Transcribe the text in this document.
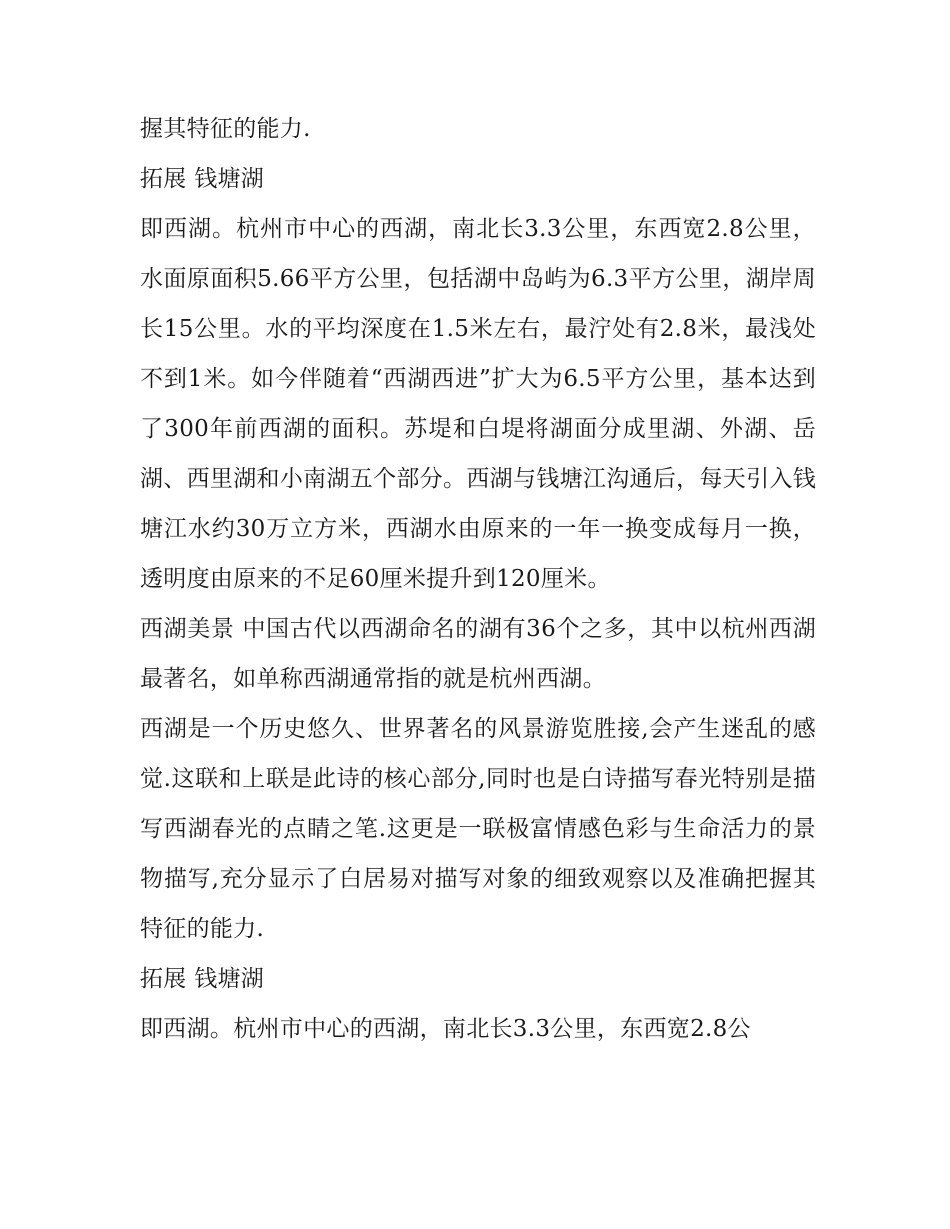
握其特征的能力.

拓展 钱塘湖

即西湖。杭州市中心的西湖，南北长3.3公里，东西宽2.8公里，水面原面积5.66平方公里，包括湖中岛屿为6.3平方公里，湖岸周长15公里。水的平均深度在1.5米左右，最泞处有2.8米，最浅处不到1米。如今伴随着“西湖西进”扩大为6.5平方公里，基本达到了300年前西湖的面积。苏堤和白堤将湖面分成里湖、外湖、岳湖、西里湖和小南湖五个部分。西湖与钱塘江沟通后，每天引入钱塘江水约30万立方米，西湖水由原来的一年一换变成每月一换，透明度由原来的不足60厘米提升到120厘米。

西湖美景 中国古代以西湖命名的湖有36个之多，其中以杭州西湖最著名，如单称西湖通常指的就是杭州西湖。

西湖是一个历史悠久、世界著名的风景游览胜接,会产生迷乱的感觉.这联和上联是此诗的核心部分,同时也是白诗描写春光特别是描写西湖春光的点睛之笔.这更是一联极富情感色彩与生命活力的景物描写,充分显示了白居易对描写对象的细致观察以及准确把握其特征的能力.

拓展 钱塘湖

即西湖。杭州市中心的西湖，南北长3.3公里，东西宽2.8公
